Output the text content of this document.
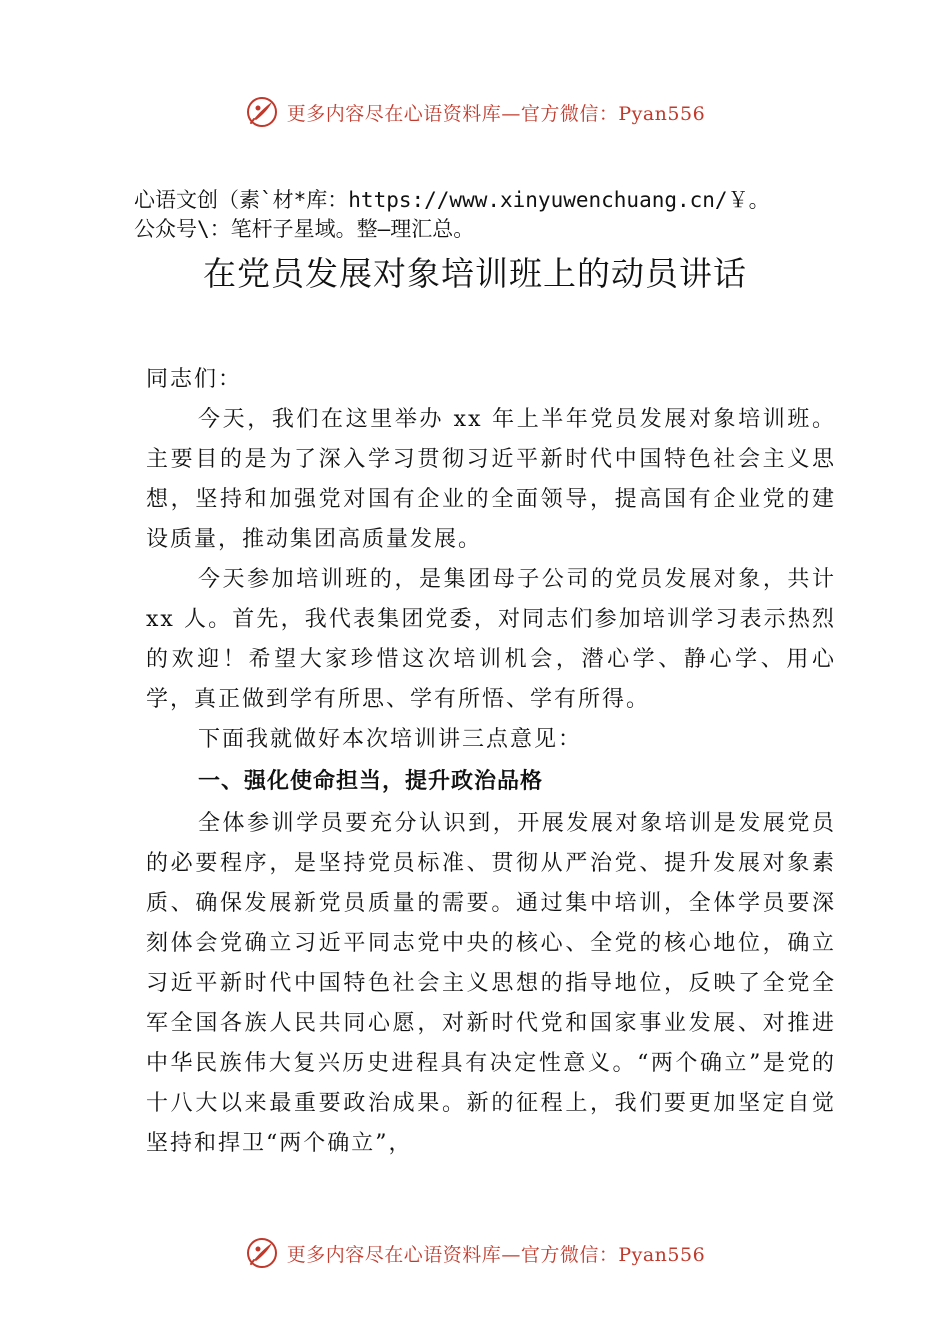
更多内容尽在心语资料库—官方微信：Pyan556
心语文创（素`材*库：https://www.xinyuwenchuang.cn/￥。
公众号\：笔杆子星域。整—理汇总。
在党员发展对象培训班上的动员讲话

同志们：

今天，我们在这里举办 xx 年上半年党员发展对象培训班。主要目的是为了深入学习贯彻习近平新时代中国特色社会主义思想，坚持和加强党对国有企业的全面领导，提高国有企业党的建设质量，推动集团高质量发展。

今天参加培训班的，是集团母子公司的党员发展对象，共计 xx 人。首先，我代表集团党委，对同志们参加培训学习表示热烈的欢迎！希望大家珍惜这次培训机会，潜心学、静心学、用心学，真正做到学有所思、学有所悟、学有所得。

下面我就做好本次培训讲三点意见：

一、强化使命担当，提升政治品格

全体参训学员要充分认识到，开展发展对象培训是发展党员的必要程序，是坚持党员标准、贯彻从严治党、提升发展对象素质、确保发展新党员质量的需要。通过集中培训，全体学员要深刻体会党确立习近平同志党中央的核心、全党的核心地位，确立习近平新时代中国特色社会主义思想的指导地位，反映了全党全军全国各族人民共同心愿，对新时代党和国家事业发展、对推进中华民族伟大复兴历史进程具有决定性意义。“两个确立”是党的十八大以来最重要政治成果。新的征程上，我们要更加坚定自觉坚持和捍卫“两个确立”，

更多内容尽在心语资料库—官方微信：Pyan556
